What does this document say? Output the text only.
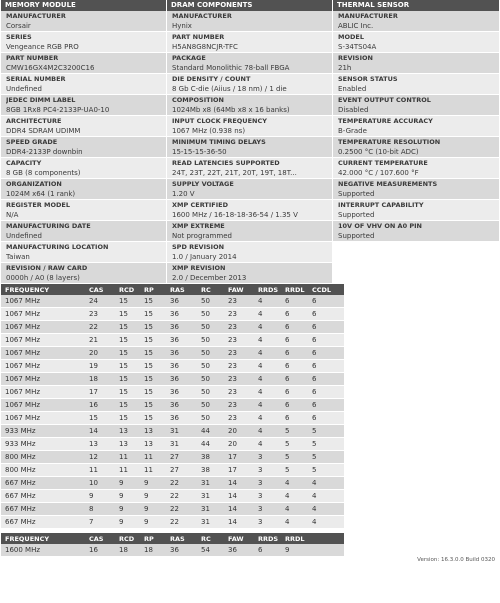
MEMORY MODULE
MANUFACTURER
Corsair
SERIES
Vengeance RGB PRO
PART NUMBER
CMW16GX4M2C3200C16
SERIAL NUMBER
Undefined
JEDEC DIMM LABEL
8GB 1Rx8 PC4-2133P-UA0-10
ARCHITECTURE
DDR4 SDRAM UDIMM
SPEED GRADE
DDR4-2133P downbin
CAPACITY
8 GB (8 components)
ORGANIZATION
1024M x64 (1 rank)
REGISTER MODEL
N/A
MANUFACTURING DATE
Undefined
MANUFACTURING LOCATION
Taiwan
REVISION / RAW CARD
0000h / A0 (8 layers)
DRAM COMPONENTS
MANUFACTURER
Hynix
PART NUMBER
H5AN8G8NCJR-TFC
PACKAGE
Standard Monolithic 78-ball FBGA
DIE DENSITY / COUNT
8 Gb C-die (Aiius / 18 nm) / 1 die
COMPOSITION
1024Mb x8 (64Mb x8 x 16 banks)
INPUT CLOCK FREQUENCY
1067 MHz (0.938 ns)
MINIMUM TIMING DELAYS
15-15-15-36-50
READ LATENCIES SUPPORTED
24T, 23T, 22T, 21T, 20T, 19T, 18T...
SUPPLY VOLTAGE
1.20 V
XMP CERTIFIED
1600 MHz / 16-18-18-36-54 / 1.35 V
XMP EXTREME
Not programmed
SPD REVISION
1.0 / January 2014
XMP REVISION
2.0 / December 2013
THERMAL SENSOR
MANUFACTURER
ABLIC Inc.
MODEL
S-34TS04A
REVISION
21h
SENSOR STATUS
Enabled
EVENT OUTPUT CONTROL
Disabled
TEMPERATURE ACCURACY
B-Grade
TEMPERATURE RESOLUTION
0.2500 °C (10-bit ADC)
CURRENT TEMPERATURE
42.000 °C / 107.600 °F
NEGATIVE MEASUREMENTS
Supported
INTERRUPT CAPABILITY
Supported
10V OF VHV ON A0 PIN
Supported
FREQUENCY	CAS	RCD	RP	RAS	RC	FAW	RRDS	RRDL	CCDL
1067 MHz	24	15	15	36	50	23	4	6	6
1067 MHz	23	15	15	36	50	23	4	6	6
1067 MHz	22	15	15	36	50	23	4	6	6
1067 MHz	21	15	15	36	50	23	4	6	6
1067 MHz	20	15	15	36	50	23	4	6	6
1067 MHz	19	15	15	36	50	23	4	6	6
1067 MHz	18	15	15	36	50	23	4	6	6
1067 MHz	17	15	15	36	50	23	4	6	6
1067 MHz	16	15	15	36	50	23	4	6	6
1067 MHz	15	15	15	36	50	23	4	6	6
933 MHz	14	13	13	31	44	20	4	5	5
933 MHz	13	13	13	31	44	20	4	5	5
800 MHz	12	11	11	27	38	17	3	5	5
800 MHz	11	11	11	27	38	17	3	5	5
667 MHz	10	9	9	22	31	14	3	4	4
667 MHz	9	9	9	22	31	14	3	4	4
667 MHz	8	9	9	22	31	14	3	4	4
667 MHz	7	9	9	22	31	14	3	4	4
FREQUENCY	CAS	RCD	RP	RAS	RC	FAW	RRDS	RRDL
1600 MHz	16	18	18	36	54	36	6	9
Version: 16.3.0.0 Build 0320
